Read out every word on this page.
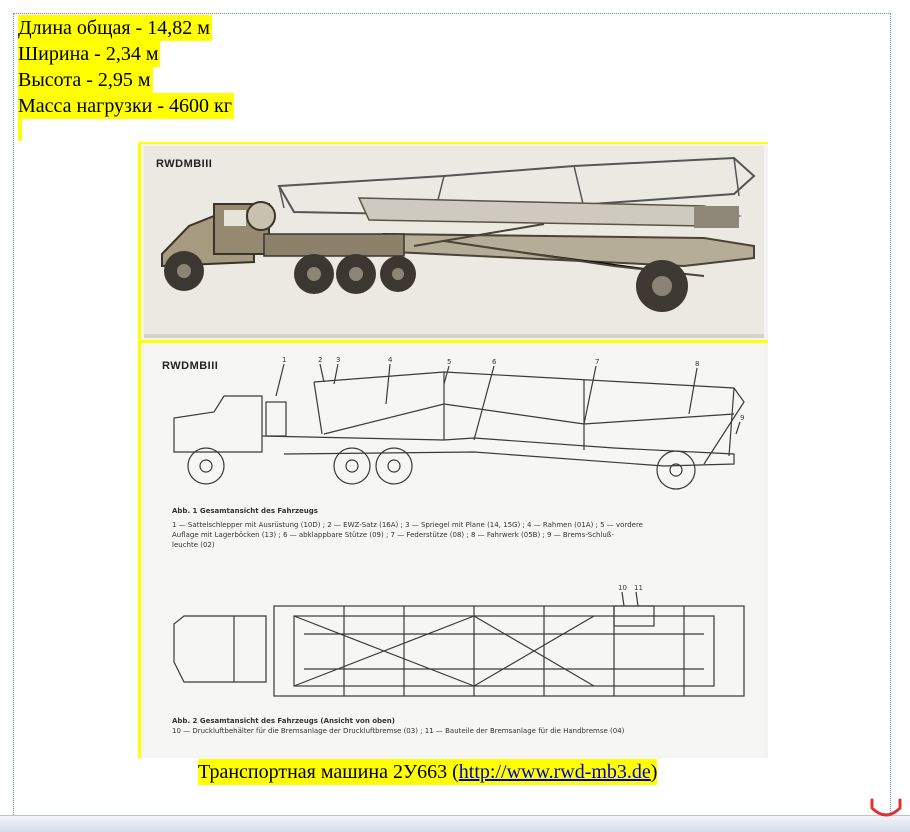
Длина общая - 14,82 м
Ширина - 2,34 м
Высота - 2,95 м
Масса нагрузки - 4600 кг
RWDMBIII
1	2 3	4	5	6	7	8
9
10 11
RWDMBIII
Abb. 1 Gesamtansicht des Fahrzeugs
1 — Sattelschlepper mit Ausrüstung (10D) ; 2 — EWZ-Satz (16A) ; 3 — Spriegel mit Plane (14, 15G) ; 4 — Rahmen (01A) ; 5 — vordere
Auflage mit Lagerböcken (13) ; 6 — abklappbare Stütze (09) ; 7 — Federstütze (08) ; 8 — Fahrwerk (05B) ; 9 — Brems-Schluß-
leuchte (02)
Abb. 2 Gesamtansicht des Fahrzeugs (Ansicht von oben)
10 — Druckluftbehälter für die Bremsanlage der Druckluftbremse (03) ; 11 — Bauteile der Bremsanlage für die Handbremse (04)
Транспортная машина 2У663 (http://www.rwd-mb3.de)
